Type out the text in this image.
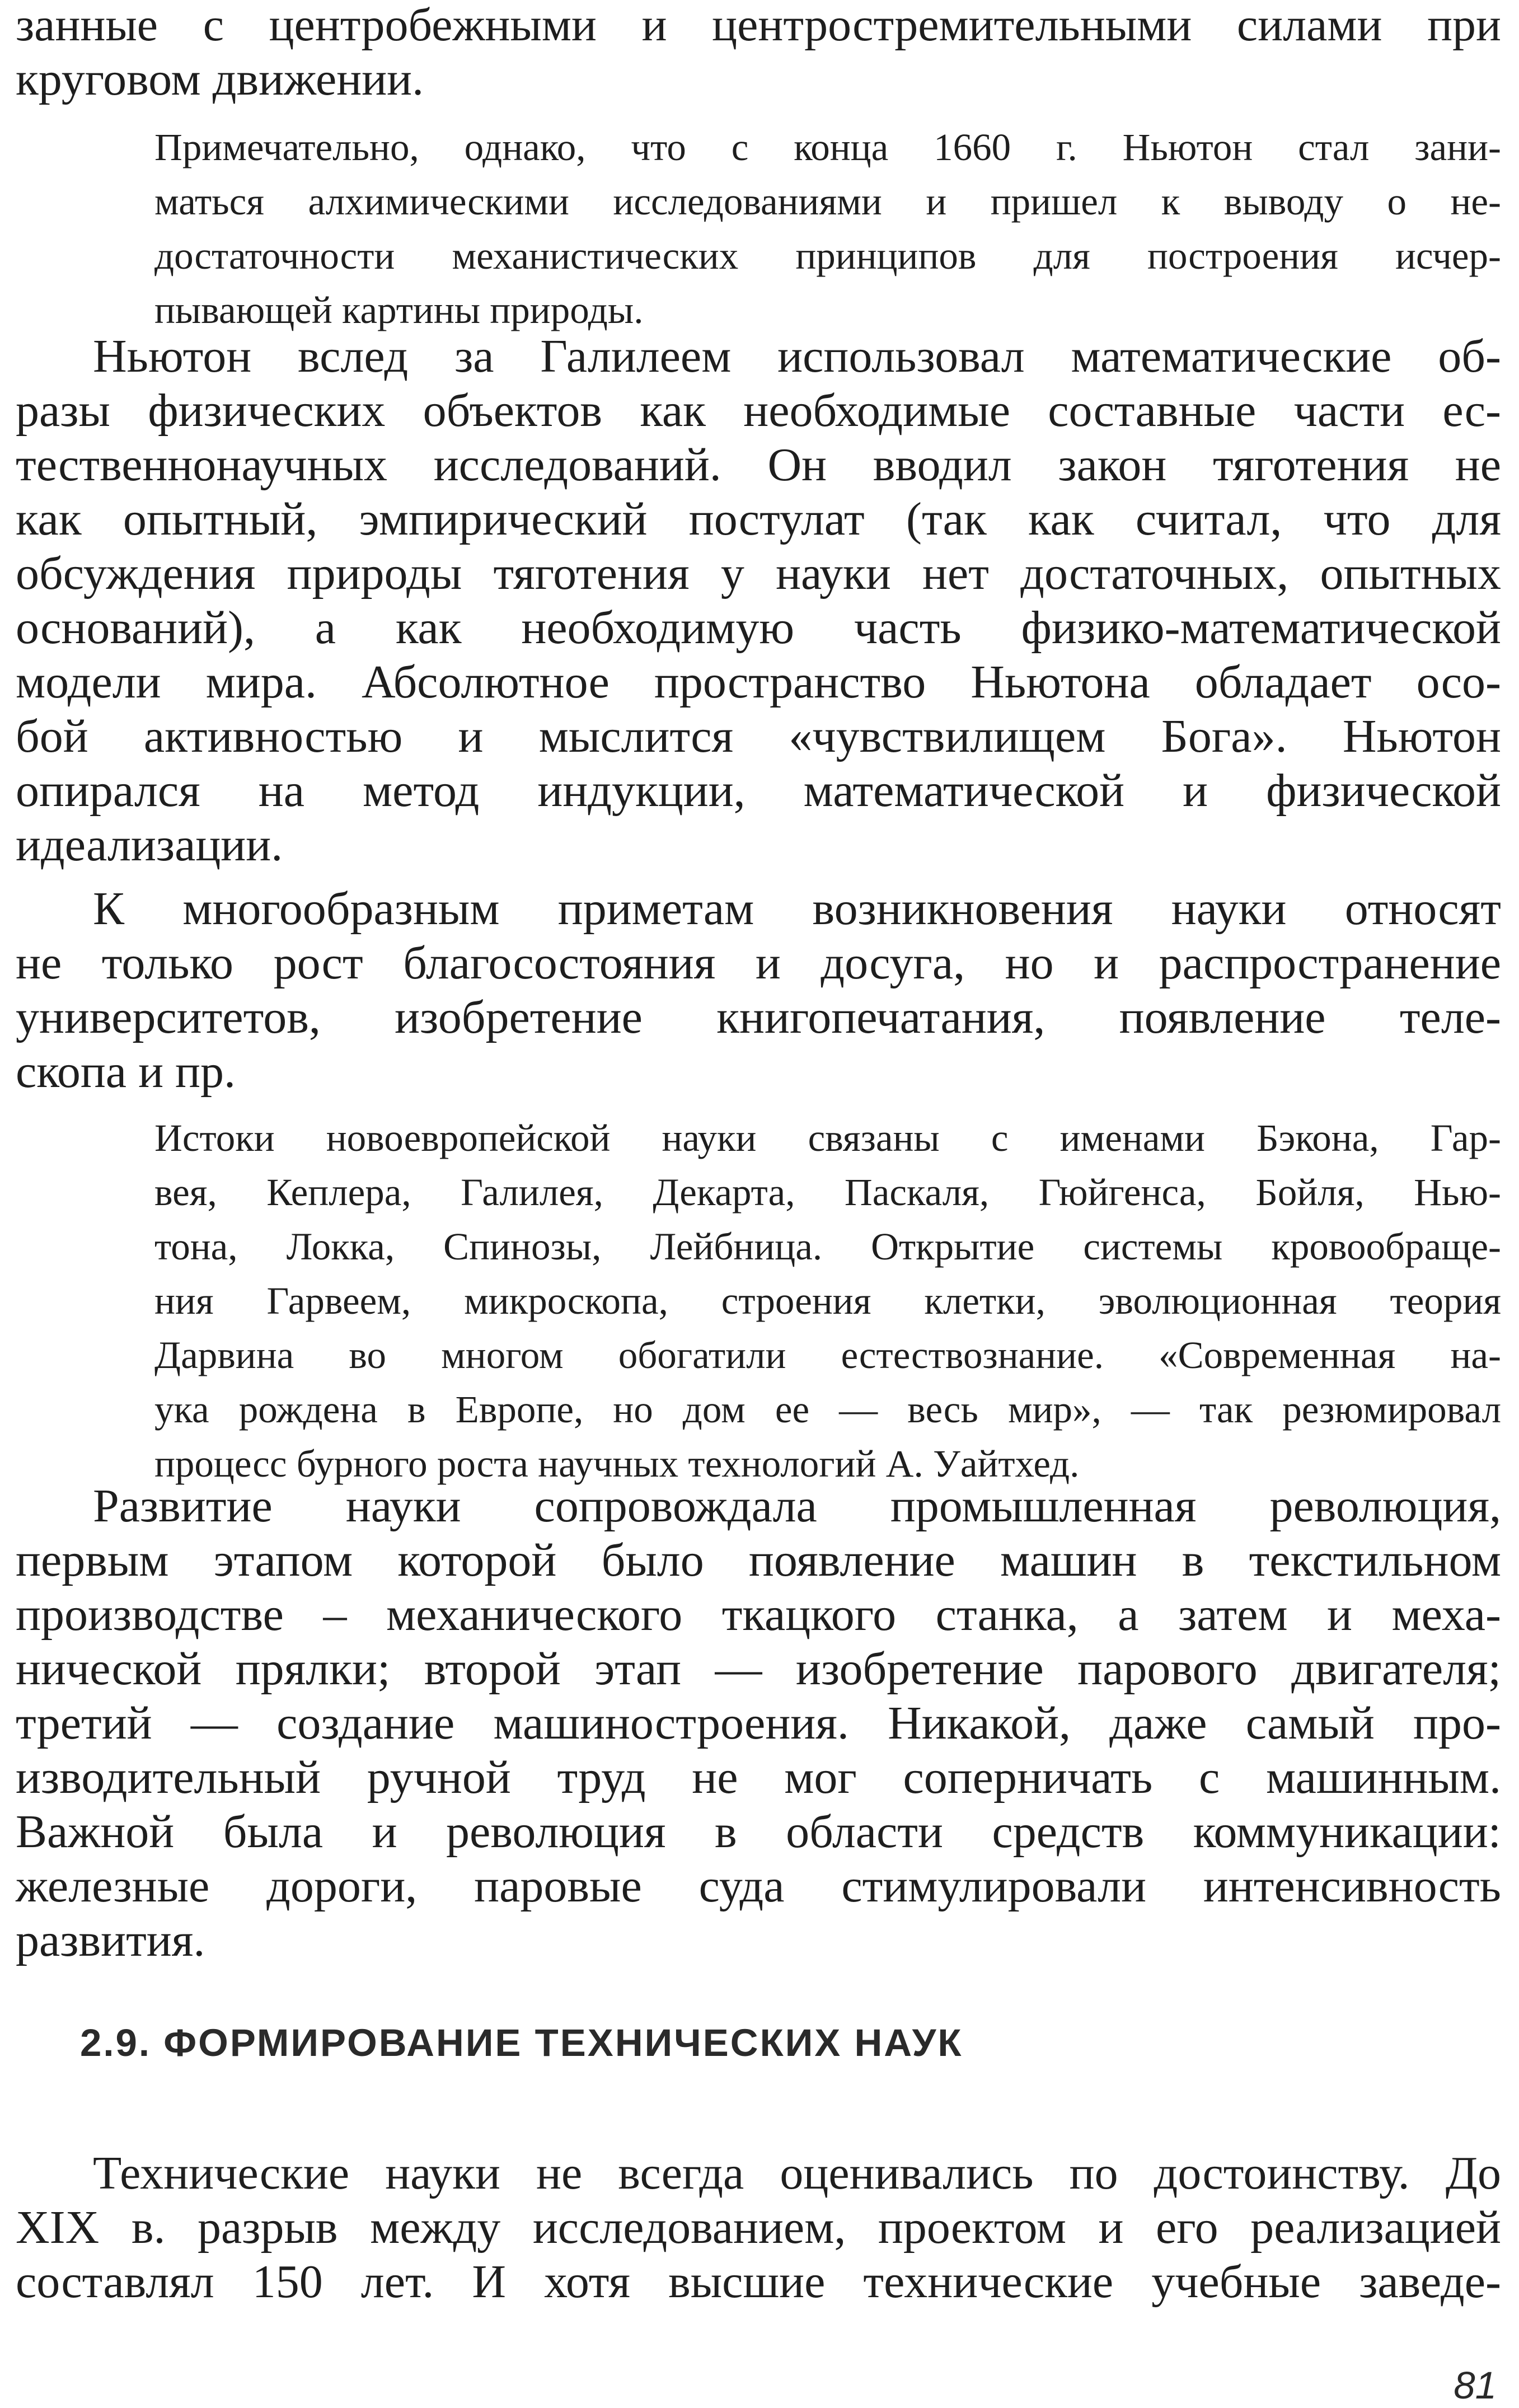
занные с центробежными и центростремительными силами при
круговом движении.
Примечательно, однако, что с конца 1660 г. Ньютон стал зани-
маться алхимическими исследованиями и пришел к выводу о не-
достаточности механистических принципов для построения исчер-
пывающей картины природы.
Ньютон вслед за Галилеем использовал математические об-
разы физических объектов как необходимые составные части ес-
тественнонаучных исследований. Он вводил закон тяготения не
как опытный, эмпирический постулат (так как считал, что для
обсуждения природы тяготения у науки нет достаточных, опытных
оснований), а как необходимую часть физико-математической
модели мира. Абсолютное пространство Ньютона обладает осо-
бой активностью и мыслится «чувствилищем Бога». Ньютон
опирался на метод индукции, математической и физической
идеализации.
К многообразным приметам возникновения науки относят
не только рост благосостояния и досуга, но и распространение
университетов, изобретение книгопечатания, появление теле-
скопа и пр.
Истоки новоевропейской науки связаны с именами Бэкона, Гар-
вея, Кеплера, Галилея, Декарта, Паскаля, Гюйгенса, Бойля, Нью-
тона, Локка, Спинозы, Лейбница. Открытие системы кровообраще-
ния Гарвеем, микроскопа, строения клетки, эволюционная теория
Дарвина во многом обогатили естествознание. «Современная на-
ука рождена в Европе, но дом ее — весь мир», — так резюмировал
процесс бурного роста научных технологий А. Уайтхед.
Развитие науки сопровождала промышленная революция,
первым этапом которой было появление машин в текстильном
производстве – механического ткацкого станка, а затем и меха-
нической прялки; второй этап — изобретение парового двигателя;
третий — создание машиностроения. Никакой, даже самый про-
изводительный ручной труд не мог соперничать с машинным.
Важной была и революция в области средств коммуникации:
железные дороги, паровые суда стимулировали интенсивность
развития.
2.9. ФОРМИРОВАНИЕ ТЕХНИЧЕСКИХ НАУК
Технические науки не всегда оценивались по достоинству. До
XIX в. разрыв между исследованием, проектом и его реализацией
составлял 150 лет. И хотя высшие технические учебные заведе-
81
